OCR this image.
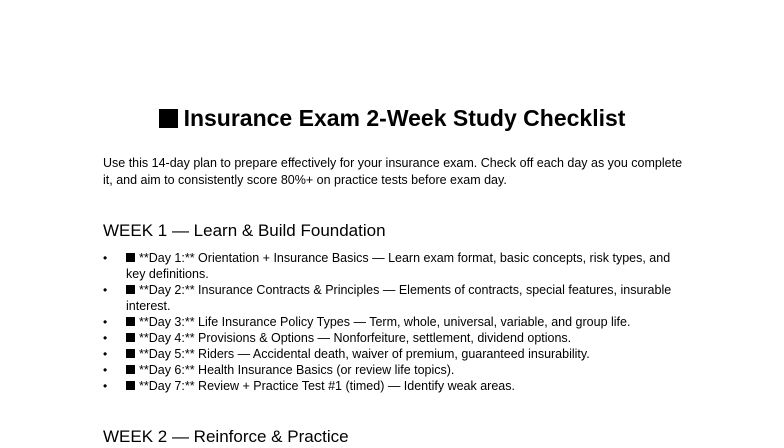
Insurance Exam 2-Week Study Checklist

Use this 14-day plan to prepare effectively for your insurance exam. Check off each day as you complete it, and aim to consistently score 80%+ on practice tests before exam day.

WEEK 1 — Learn & Build Foundation
•	**Day 1:** Orientation + Insurance Basics — Learn exam format, basic concepts, risk types, and key definitions.
•	**Day 2:** Insurance Contracts & Principles — Elements of contracts, special features, insurable interest.
•	**Day 3:** Life Insurance Policy Types — Term, whole, universal, variable, and group life.
•	**Day 4:** Provisions & Options — Nonforfeiture, settlement, dividend options.
•	**Day 5:** Riders — Accidental death, waiver of premium, guaranteed insurability.
•	**Day 6:** Health Insurance Basics (or review life topics).
•	**Day 7:** Review + Practice Test #1 (timed) — Identify weak areas.
WEEK 2 — Reinforce & Practice
